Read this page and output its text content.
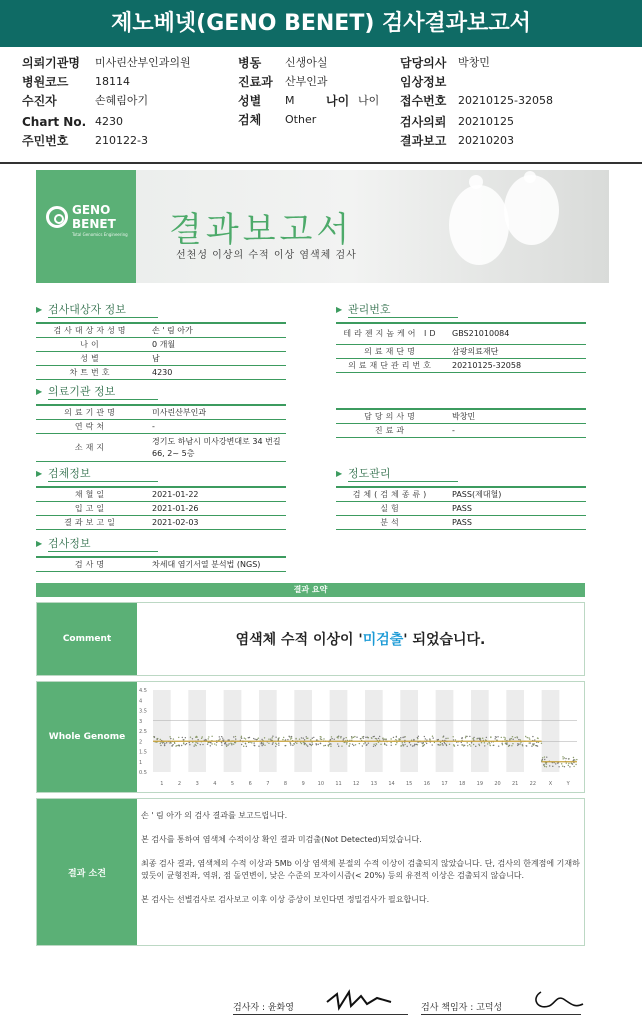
제노베넷(GENO BENET) 검사결과보고서
의뢰기관명 미사린산부인과의원
병원코드 18114
수진자	손혜림아기
Chart No. 4230
주민번호 210122-3
병동 신생아실
진료과 산부인과
성별 M	나이 나이
검체 Other
담당의사 박창민
임상정보
접수번호 20210125-32058
검사의뢰 20210125
결과보고 20210203
GENO
BENET
Total Genomics Engineering 결과보고서
선천성 이상의 수적 이상 염색체 검사
▶ 검사대상자 정보
검사대상자성명	손 ' 림 아가
나이	0 개월
성별	남
차트번호	4230
▶ 관리번호
테라젠지놈케어 ID	GBS21010084
의료재단명	삼광의료재단
의료재단관리번호	20210125-32058
▶ 의료기관 정보
의료기관명	미사린산부인과
연락처	-
소재지
경기도 하남시 미사강변대로 34 번길 66, 2~ 5층
담당의사명	박창민
진료과	-
▶ 검체정보
채혈일	2021-01-22
입고일	2021-01-26
결과보고일	2021-02-03
▶ 정도관리
검체(검체종류)	PASS(제대혈)
실험	PASS
분석	PASS
▶ 검사정보
검사명	차세대 염기서열 분석법 (NGS)
결과 요약
Comment	염색체 수적 이상이 '미검출' 되었습니다.
Whole Genome
4.5
4
3.5
3
2.5
2
1.5
1
0.5
1	2	3	4	5	6	7	8	9	10 11 12 13 14 15 16 17 18 19 20 21 22	X	Y
결과 소견

손 ' 림 아가 의 검사 결과를 보고드립니다.

본 검사를 통하여 염색체 수적이상 확인 결과 미검출(Not Detected)되었습니다.

최종 검사 결과, 염색체의 수적 이상과 5Mb 이상 염색체 분절의 수적 이상이 검출되지 않았습니다. 단, 검사의 한계점에 기재하였듯이 균형전좌, 역위, 점 돌연변이, 낮은 수준의 모자이시즘(< 20%) 등의 유전적 이상은 검출되지 않습니다.

본 검사는 선별검사로 검사보고 이후 이상 증상이 보인다면 정밀검사가 필요합니다.

검사자 : 윤화영	검사 책임자 : 고덕성
